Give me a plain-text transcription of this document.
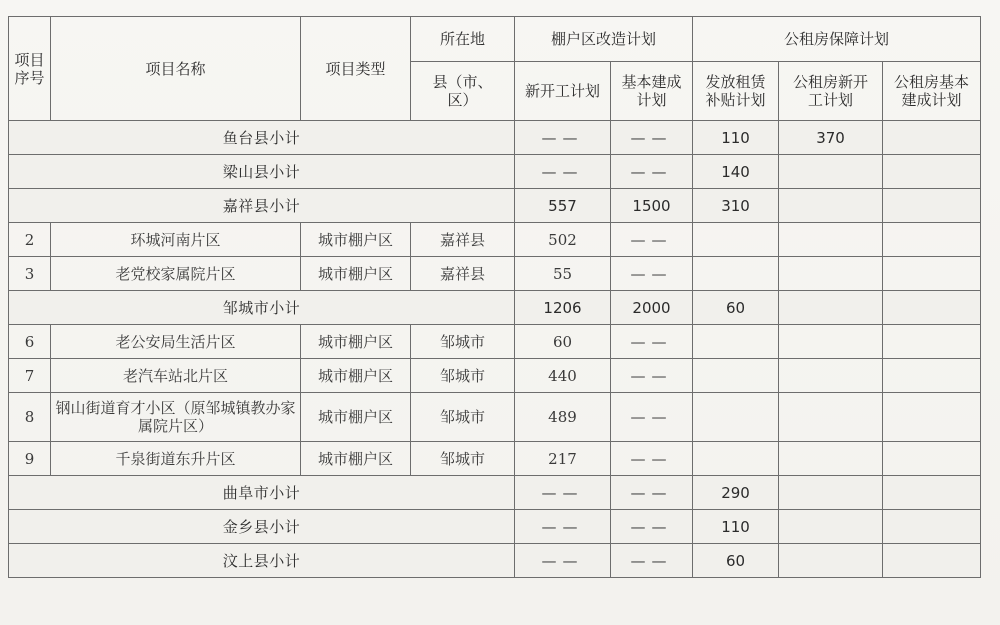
项目序号	项目名称	项目类型	所在地	棚户区改造计划		公租房保障计划		
			县（市、区）	新开工计划	基本建成计划	发放租赁补贴计划	公租房新开工计划	公租房基本建成计划
鱼台县小计				——	——	110	370	
梁山县小计				——	——	140		
嘉祥县小计				557	1500	310		
2	环城河南片区	城市棚户区	嘉祥县	502	——			
3	老党校家属院片区	城市棚户区	嘉祥县	55	——			
邹城市小计				1206	2000	60		
6	老公安局生活片区	城市棚户区	邹城市	60	——			
7	老汽车站北片区	城市棚户区	邹城市	440	——			
8	钢山街道育才小区（原邹城镇教办家属院片区）	城市棚户区	邹城市	489	——			
9	千泉街道东升片区	城市棚户区	邹城市	217	——			
曲阜市小计				——	——	290		
金乡县小计				——	——	110		
汶上县小计				——	——	60		
